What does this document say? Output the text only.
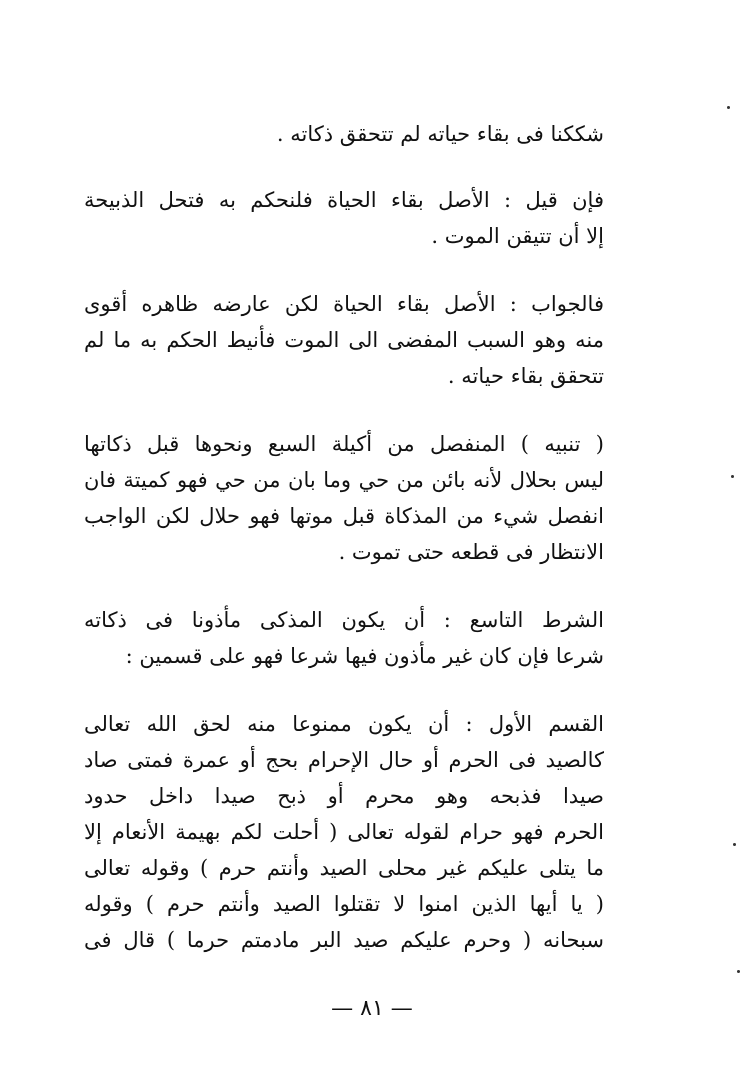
شككنا فى بقاء حياته لم تتحقق ذكاته .
فإن قيل : الأصل بقاء الحياة فلنحكم به فتحل الذبيحة
إلا أن تتيقن الموت .
فالجواب : الأصل بقاء الحياة لكن عارضه ظاهره أقوى
منه وهو السبب المفضى الى الموت فأنيط الحكم به ما لم
تتحقق بقاء حياته .
( تنبيه ) المنفصل من أكيلة السبع ونحوها قبل ذكاتها
ليس بحلال لأنه بائن من حي وما بان من حي فهو كميتة فان
انفصل شيء من المذكاة قبل موتها فهو حلال لكن الواجب
الانتظار فى قطعه حتى تموت .
الشرط التاسع : أن يكون المذكى مأذونا فى ذكاته
شرعا فإن كان غير مأذون فيها شرعا فهو على قسمين :
القسم الأول : أن يكون ممنوعا منه لحق الله تعالى
كالصيد فى الحرم أو حال الإحرام بحج أو عمرة فمتى صاد
صيدا فذبحه وهو محرم أو ذبح صيدا داخل حدود
الحرم فهو حرام لقوله تعالى ( أحلت لكم بهيمة الأنعام إلا
ما يتلى عليكم غير محلى الصيد وأنتم حرم ) وقوله تعالى
( يا أيها الذين امنوا لا تقتلوا الصيد وأنتم حرم ) وقوله
سبحانه ( وحرم عليكم صيد البر مادمتم حرما ) قال فى
— ٨١ —
